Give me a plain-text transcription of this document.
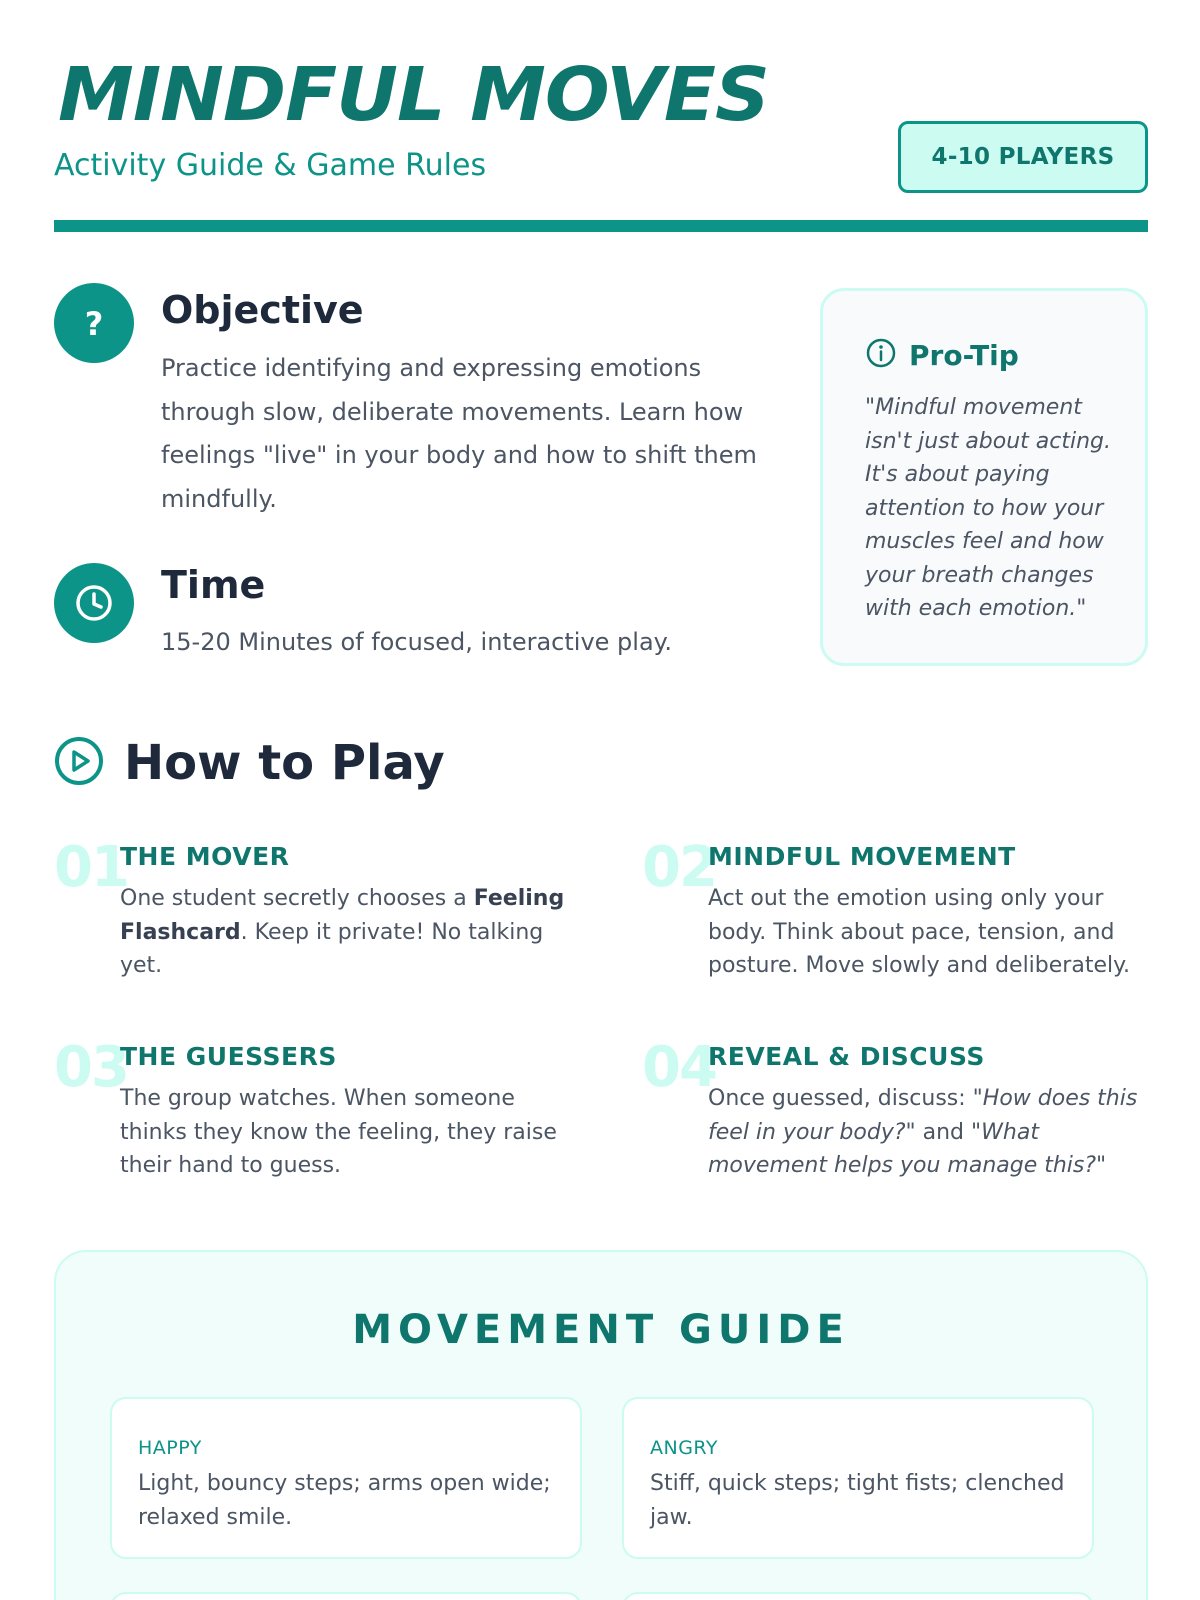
MINDFUL MOVES
Activity Guide & Game Rules	4-10 PLAYERS
? Objective

Practice identifying and expressing emotions through slow, deliberate movements. Learn how feelings "live" in your body and how to shift them mindfully.

Time

15-20 Minutes of focused, interactive play.

Pro-Tip

"Mindful movement isn't just about acting. It's about paying attention to how your muscles feel and how your breath changes with each emotion."

How to Play
01
THE MOVER

One student secretly chooses a Feeling Flashcard. Keep it private! No talking yet.

02
MINDFUL MOVEMENT

Act out the emotion using only your body. Think about pace, tension, and posture. Move slowly and deliberately.

03
THE GUESSERS

The group watches. When someone thinks they know the feeling, they raise their hand to guess.

04
REVEAL & DISCUSS

Once guessed, discuss: "How does this feel in your body?" and "What movement helps you manage this?"

MOVEMENT GUIDE
HAPPY

Light, bouncy steps; arms open wide; relaxed smile.

ANGRY

Stiff, quick steps; tight fists; clenched jaw.
